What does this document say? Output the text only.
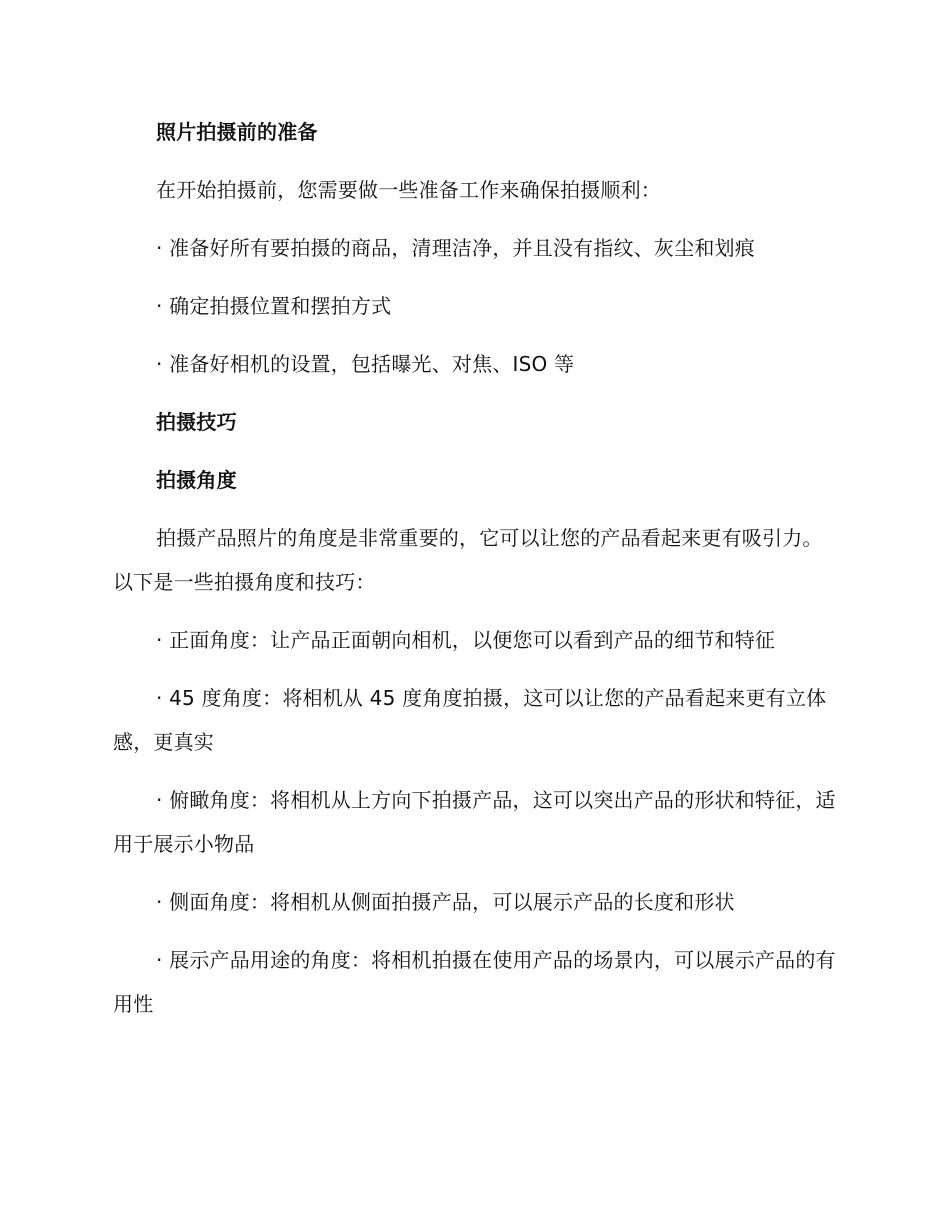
照片拍摄前的准备

在开始拍摄前，您需要做一些准备工作来确保拍摄顺利：

· 准备好所有要拍摄的商品，清理洁净，并且没有指纹、灰尘和划痕

· 确定拍摄位置和摆拍方式

· 准备好相机的设置，包括曝光、对焦、ISO 等

拍摄技巧

拍摄角度

拍摄产品照片的角度是非常重要的，它可以让您的产品看起来更有吸引力。以下是一些拍摄角度和技巧：

· 正面角度：让产品正面朝向相机，以便您可以看到产品的细节和特征

· 45 度角度：将相机从 45 度角度拍摄，这可以让您的产品看起来更有立体感，更真实

· 俯瞰角度：将相机从上方向下拍摄产品，这可以突出产品的形状和特征，适用于展示小物品

· 侧面角度：将相机从侧面拍摄产品，可以展示产品的长度和形状

· 展示产品用途的角度：将相机拍摄在使用产品的场景内，可以展示产品的有用性
